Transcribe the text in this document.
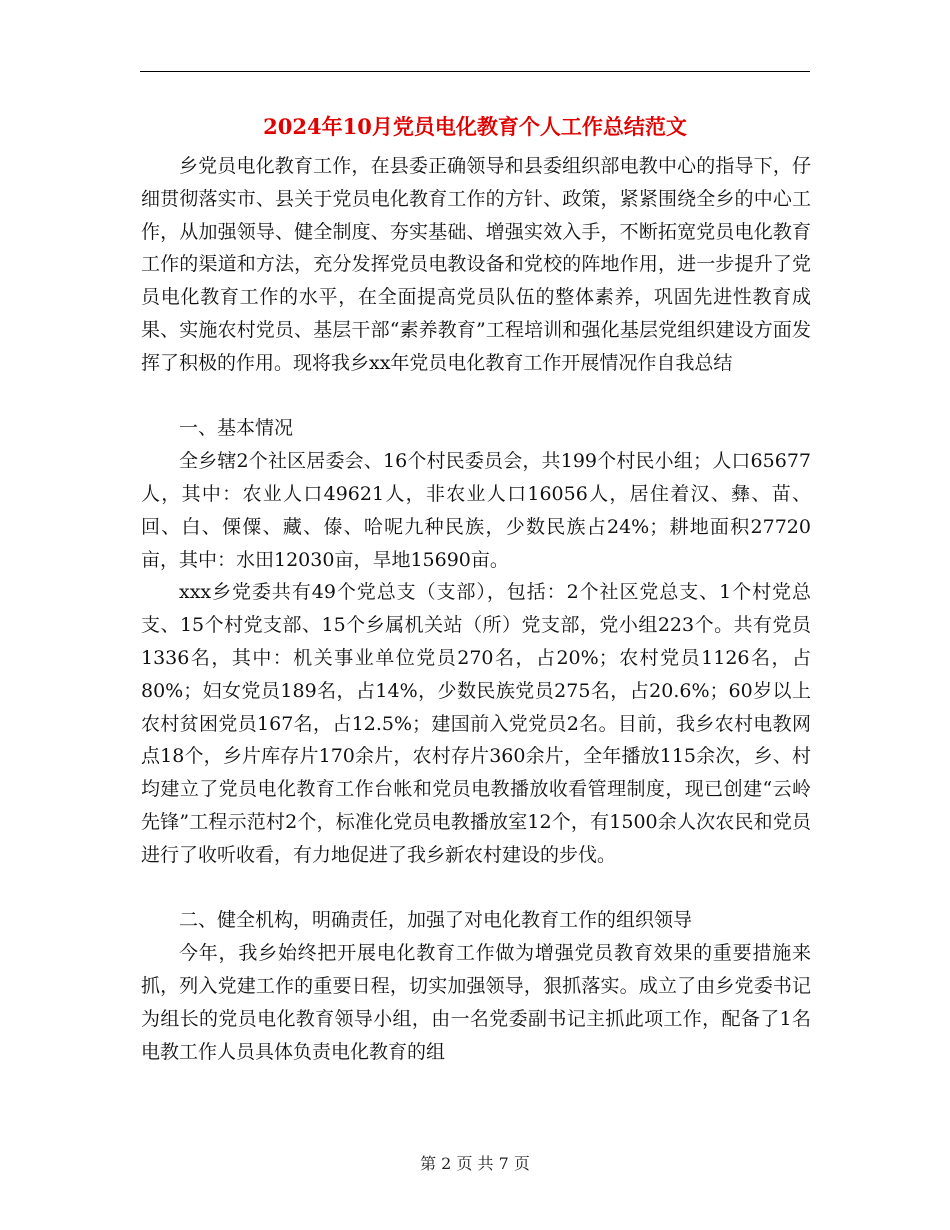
2024年10月党员电化教育个人工作总结范文

乡党员电化教育工作，在县委正确领导和县委组织部电教中心的指导下，仔细贯彻落实市、县关于党员电化教育工作的方针、政策，紧紧围绕全乡的中心工作，从加强领导、健全制度、夯实基础、增强实效入手，不断拓宽党员电化教育工作的渠道和方法，充分发挥党员电教设备和党校的阵地作用，进一步提升了党员电化教育工作的水平，在全面提高党员队伍的整体素养，巩固先进性教育成果、实施农村党员、基层干部“素养教育”工程培训和强化基层党组织建设方面发挥了积极的作用。现将我乡xx年党员电化教育工作开展情况作自我总结

一、基本情况

全乡辖2个社区居委会、16个村民委员会，共199个村民小组；人口65677人，其中：农业人口49621人，非农业人口16056人，居住着汉、彝、苗、回、白、傈僳、藏、傣、哈呢九种民族，少数民族占24%；耕地面积27720亩，其中：水田12030亩，旱地15690亩。

xxx乡党委共有49个党总支（支部），包括：2个社区党总支、1个村党总支、15个村党支部、15个乡属机关站（所）党支部，党小组223个。共有党员1336名，其中：机关事业单位党员270名，占20%；农村党员1126名，占80%；妇女党员189名，占14%，少数民族党员275名，占20.6%；60岁以上农村贫困党员167名，占12.5%；建国前入党党员2名。目前，我乡农村电教网点18个，乡片库存片170余片，农村存片360余片，全年播放115余次，乡、村均建立了党员电化教育工作台帐和党员电教播放收看管理制度，现已创建“云岭先锋”工程示范村2个，标准化党员电教播放室12个，有1500余人次农民和党员进行了收听收看，有力地促进了我乡新农村建设的步伐。

二、健全机构，明确责任，加强了对电化教育工作的组织领导

今年，我乡始终把开展电化教育工作做为增强党员教育效果的重要措施来抓，列入党建工作的重要日程，切实加强领导，狠抓落实。成立了由乡党委书记为组长的党员电化教育领导小组，由一名党委副书记主抓此项工作，配备了1名电教工作人员具体负责电化教育的组

第 2 页 共 7 页
